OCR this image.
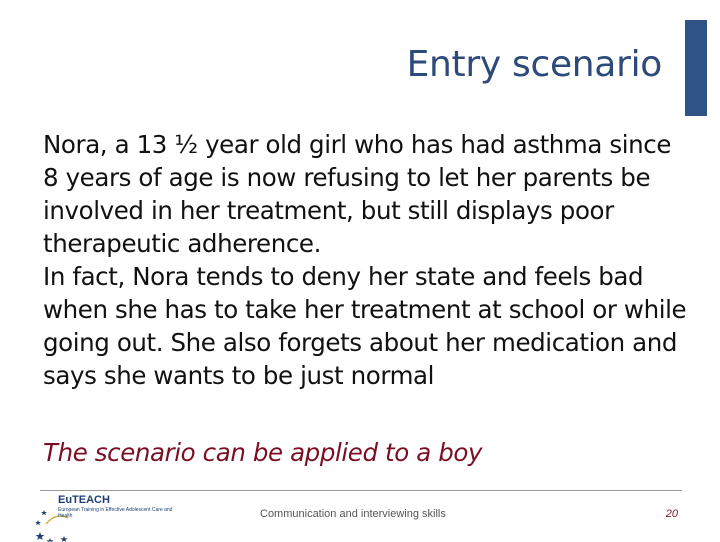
Entry scenario

Nora, a 13 ½ year old girl who has had asthma since 8 years of age is now refusing to let her parents be involved in her treatment, but still displays poor therapeutic adherence.

In fact, Nora tends to deny her state and feels bad when she has to take her treatment at school or while going out. She also forgets about her medication and says she wants to be just normal

The scenario can be applied to a boy
EuTEACH
European Training in Effective Adolescent Care and Health	Communication and interviewing skills	20
